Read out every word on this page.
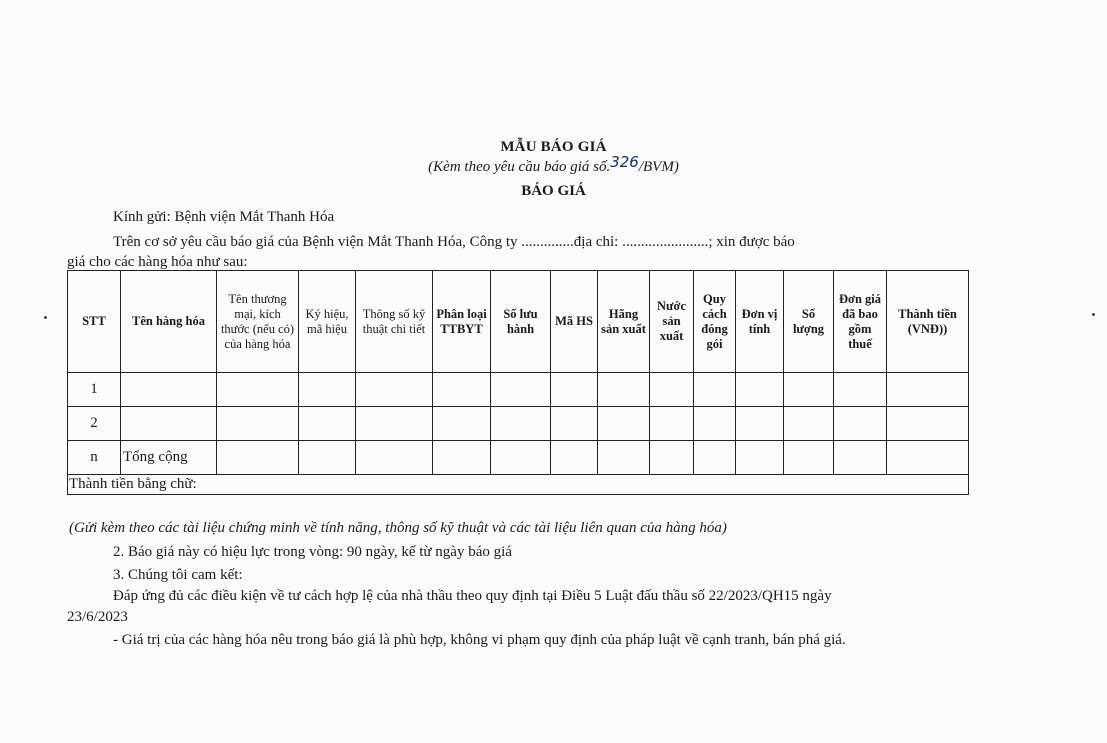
MẪU BÁO GIÁ
(Kèm theo yêu cầu báo giá số.326/BVM)
BÁO GIÁ
Kính gửi: Bệnh viện Mắt Thanh Hóa
Trên cơ sở yêu cầu báo giá của Bệnh viện Mắt Thanh Hóa, Công ty ..............địa chỉ: .......................; xin được báo
giá cho các hàng hóa như sau:
STT	Tên hàng hóa	Tên thương mại, kích thước (nếu có) của hàng hóa	Ký hiệu, mã hiệu	Thông số kỹ thuật chi tiết	Phân loại TTBYT	Số lưu hành	Mã HS	Hãng sản xuất	Nước sản xuất	Quy cách đóng gói	Đơn vị tính	Số lượng	Đơn giá đã bao gồm thuế	Thành tiền (VNĐ))
1														
2														
n	Tổng cộng													
Thành tiền bằng chữ:														
(Gửi kèm theo các tài liệu chứng minh về tính năng, thông số kỹ thuật và các tài liệu liên quan của hàng hóa)
2. Báo giá này có hiệu lực trong vòng: 90 ngày, kể từ ngày báo giá
3. Chúng tôi cam kết:
Đáp ứng đủ các điều kiện về tư cách hợp lệ của nhà thầu theo quy định tại Điều 5 Luật đấu thầu số 22/2023/QH15 ngày
23/6/2023
- Giá trị của các hàng hóa nêu trong báo giá là phù hợp, không vi phạm quy định của pháp luật về cạnh tranh, bán phá giá.
